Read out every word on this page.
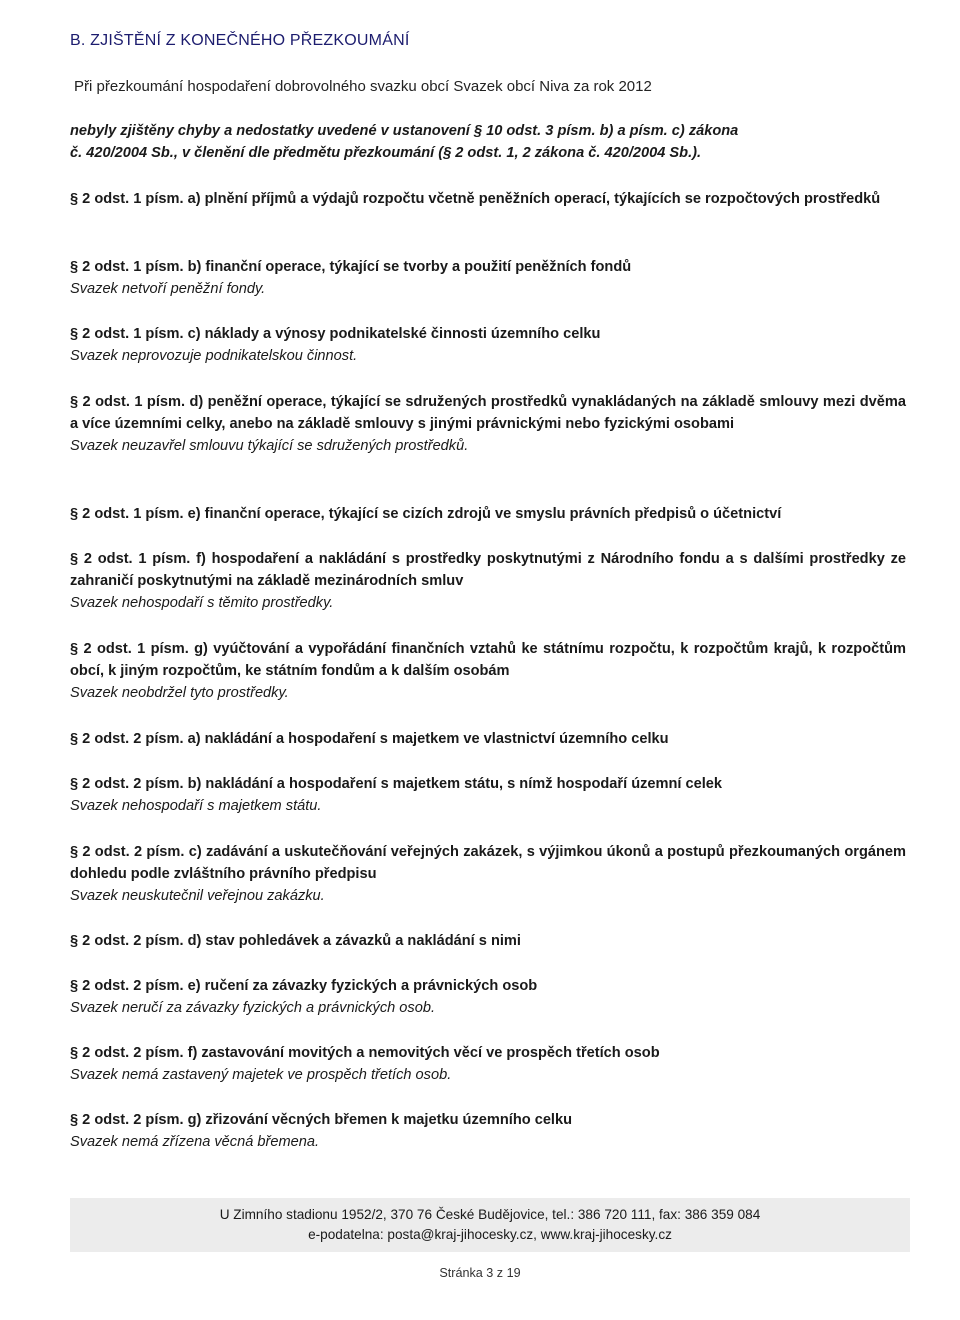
B. ZJIŠTĚNÍ Z KONEČNÉHO PŘEZKOUMÁNÍ
Při přezkoumání hospodaření dobrovolného svazku obcí Svazek obcí Niva za rok 2012
nebyly zjištěny chyby a nedostatky uvedené v ustanovení § 10 odst. 3 písm. b) a písm. c) zákona
č. 420/2004 Sb., v členění dle předmětu přezkoumání (§ 2 odst. 1, 2 zákona č. 420/2004 Sb.).
§ 2 odst. 1 písm. a) plnění příjmů a výdajů rozpočtu včetně peněžních operací, týkajících se rozpočtových prostředků
§ 2 odst. 1 písm. b) finanční operace, týkající se tvorby a použití peněžních fondů
Svazek netvoří peněžní fondy.
§ 2 odst. 1 písm. c) náklady a výnosy podnikatelské činnosti územního celku
Svazek neprovozuje podnikatelskou činnost.
§ 2 odst. 1 písm. d) peněžní operace, týkající se sdružených prostředků vynakládaných na základě smlouvy mezi dvěma a více územními celky, anebo na základě smlouvy s jinými právnickými nebo fyzickými osobami
Svazek neuzavřel smlouvu týkající se sdružených prostředků.
§ 2 odst. 1 písm. e) finanční operace, týkající se cizích zdrojů ve smyslu právních předpisů o účetnictví
§ 2 odst. 1 písm. f) hospodaření a nakládání s prostředky poskytnutými z Národního fondu a s dalšími prostředky ze zahraničí poskytnutými na základě mezinárodních smluv
Svazek nehospodaří s těmito prostředky.
§ 2 odst. 1 písm. g) vyúčtování a vypořádání finančních vztahů ke státnímu rozpočtu, k rozpočtům krajů, k rozpočtům obcí, k jiným rozpočtům, ke státním fondům a k dalším osobám
Svazek neobdržel tyto prostředky.
§ 2 odst. 2 písm. a) nakládání a hospodaření s majetkem ve vlastnictví územního celku
§ 2 odst. 2 písm. b) nakládání a hospodaření s majetkem státu, s nímž hospodaří územní celek
Svazek nehospodaří s majetkem státu.
§ 2 odst. 2 písm. c) zadávání a uskutečňování veřejných zakázek, s výjimkou úkonů a postupů přezkoumaných orgánem dohledu podle zvláštního právního předpisu
Svazek neuskutečnil veřejnou zakázku.
§ 2 odst. 2 písm. d) stav pohledávek a závazků a nakládání s nimi
§ 2 odst. 2 písm. e) ručení za závazky fyzických a právnických osob
Svazek neručí za závazky fyzických a právnických osob.
§ 2 odst. 2 písm. f) zastavování movitých a nemovitých věcí ve prospěch třetích osob
Svazek nemá zastavený majetek ve prospěch třetích osob.
§ 2 odst. 2 písm. g) zřizování věcných břemen k majetku územního celku
Svazek nemá zřízena věcná břemena.
U Zimního stadionu 1952/2, 370 76 České Budějovice, tel.: 386 720 111, fax: 386 359 084
e-podatelna: posta@kraj-jihocesky.cz, www.kraj-jihocesky.cz
Stránka 3 z 19
